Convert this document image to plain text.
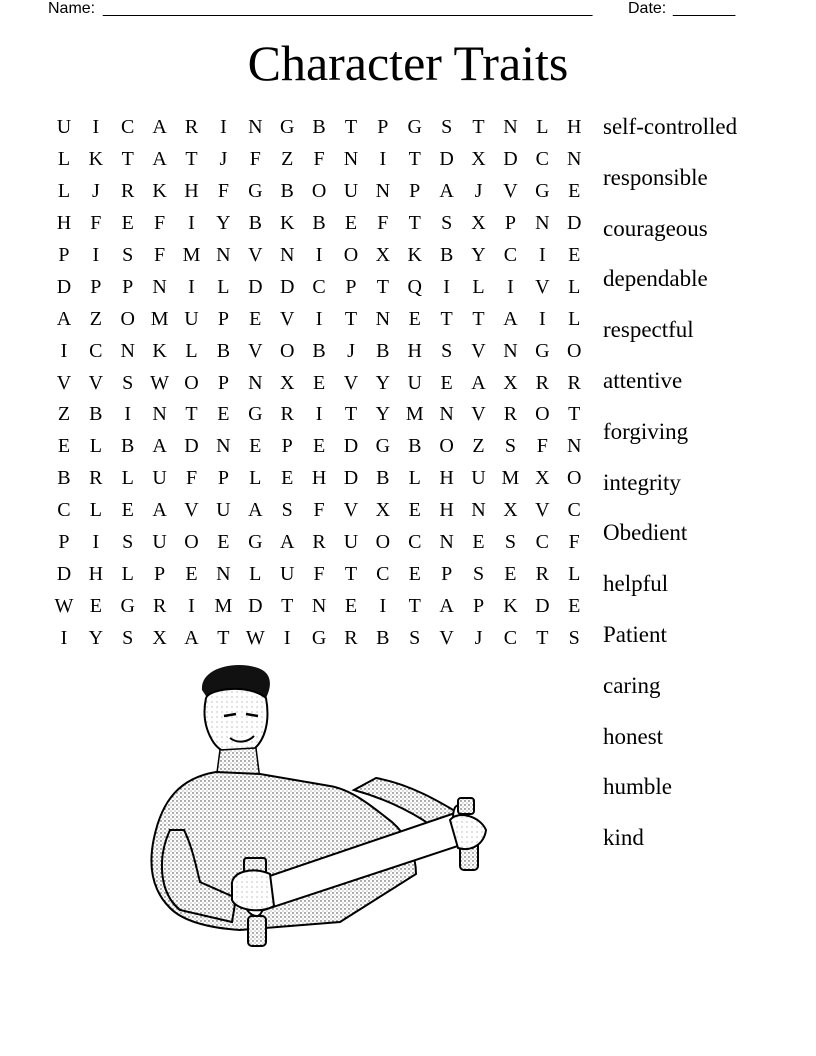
Name:

_______________________________________________________

Date:

_______

Character Traits
U	I	C A R	I	N G B T	P G S	T N L H
L K T A T	J	F	Z	F N	I	T D X D C N
L	J	R K H F G B O U N P A	J	V G E
H F	E	F	I	Y B K B E	F	T	S X P N D
P	I	S	F M N V N	I	O X K B Y C	I	E
D P	P N	I	L D D C P	T Q	I	L	I	V L
A Z O M U P	E V	I	T N E T T A	I	L
I	C N K L B V O B	J	B H S V N G O
V V S W O P N X E V Y U E A X R R
Z B	I	N T E G R	I	T Y M N V R O T
E L B A D N E	P	E D G B O Z	S	F N
B R L U F	P	L E H D B L H U M X O
C L E A V U A S	F V X E H N X V C
P	I	S U O E G A R U O C N E	S C F
D H L	P	E N L U F	T C E	P	S	E R L
W E G R	I M D T N E	I	T A P K D E
I	Y S X A T W I	G R B S V	J	C T	S
self-controlled
responsible
courageous
dependable
respectful
attentive
forgiving
integrity
Obedient
helpful
Patient
caring
honest
humble
kind
